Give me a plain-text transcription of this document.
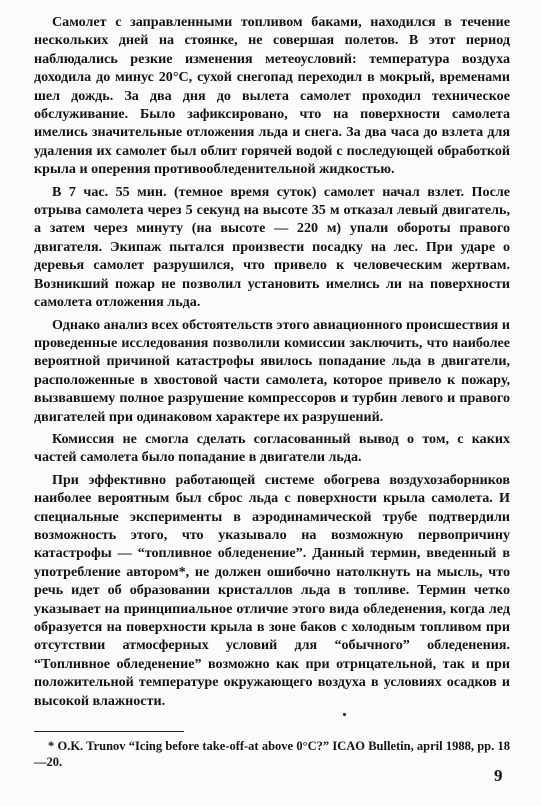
Самолет с заправленными топливом баками, находился в течение нескольких дней на стоянке, не совершая полетов. В этот период наблюдались резкие изменения метеоусловий: температура воздуха доходила до минус 20°С, сухой снегопад переходил в мокрый, временами шел дождь. За два дня до вылета самолет проходил техническое обслуживание. Было зафиксировано, что на поверхности самолета имелись значительные отложения льда и снега. За два часа до взлета для удаления их самолет был облит горячей водой с последующей обработкой крыла и оперения противообледенительной жидкостью.

В 7 час. 55 мин. (темное время суток) самолет начал взлет. После отрыва самолета через 5 секунд на высоте 35 м отказал левый двигатель, а затем через минуту (на высоте — 220 м) упали обороты правого двигателя. Экипаж пытался произвести посадку на лес. При ударе о деревья самолет разрушился, что привело к человеческим жертвам. Возникший пожар не позволил установить имелись ли на поверхности самолета отложения льда.

Однако анализ всех обстоятельств этого авиационного происшествия и проведенные исследования позволили комиссии заключить, что наиболее вероятной причиной катастрофы явилось попадание льда в двигатели, расположенные в хвостовой части самолета, которое привело к пожару, вызвавшему полное разрушение компрессоров и турбин левого и правого двигателей при одинаковом характере их разрушений.

Комиссия не смогла сделать согласованный вывод о том, с каких частей самолета было попадание в двигатели льда.

При эффективно работающей системе обогрева воздухозаборников наиболее вероятным был сброс льда с поверхности крыла самолета. И специальные эксперименты в аэродинамической трубе подтвердили возможность этого, что указывало на возможную первопричину катастрофы — “топливное обледенение”. Данный термин, введенный в употребление автором*, не должен ошибочно натолкнуть на мысль, что речь идет об образовании кристаллов льда в топливе. Термин четко указывает на принципиальное отличие этого вида обледенения, когда лед образуется на поверхности крыла в зоне баков с холодным топливом при отсутствии атмосферных условий для “обычного” обледенения. “Топливное обледенение” возможно как при отрицательной, так и при положительной температуре окружающего воздуха в условиях осадков и высокой влажности.

* O.K. Trunov “Icing before take-off-at above 0°C?” ICAO Bulletin, april 1988, pp. 18—20.
9
